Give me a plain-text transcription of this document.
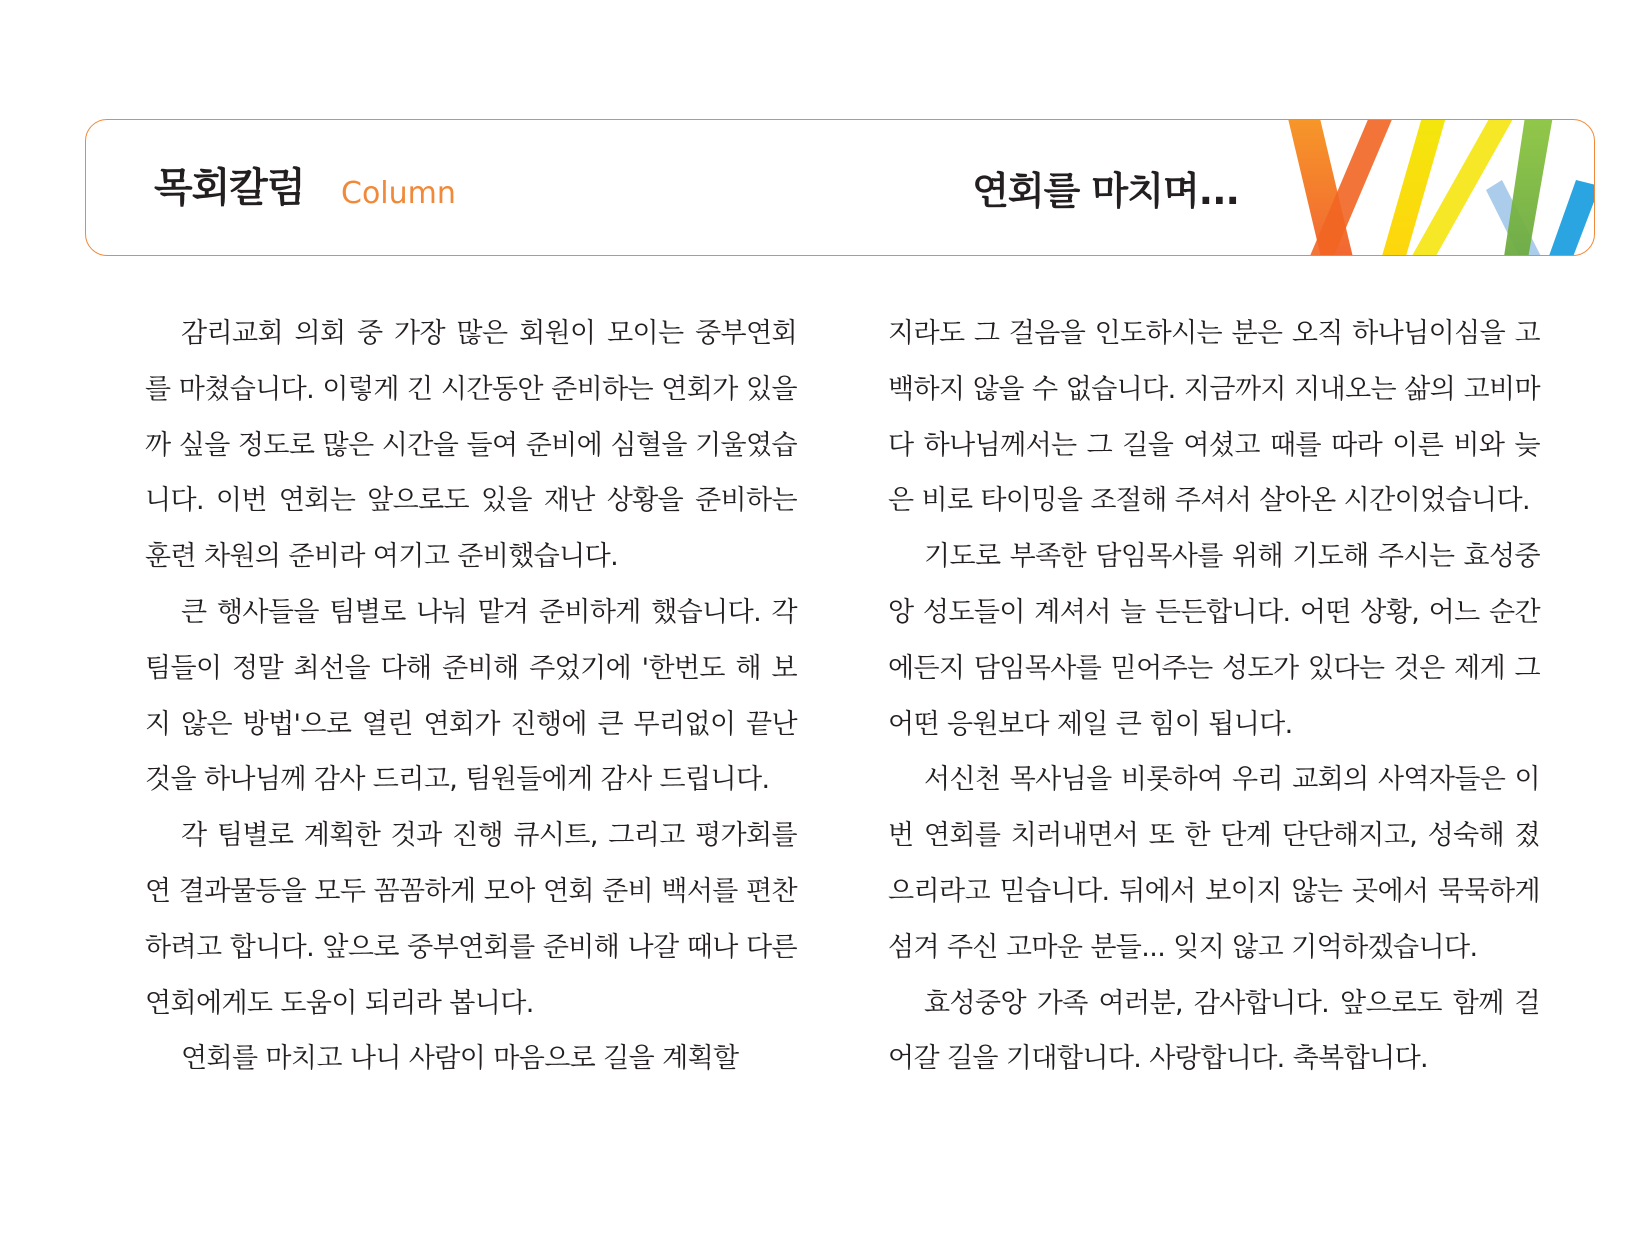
목회칼럼 Column	연회를 마치며...

감리교회 의회 중 가장 많은 회원이 모이는 중부연회를 마쳤습니다. 이렇게 긴 시간동안 준비하는 연회가 있을까 싶을 정도로 많은 시간을 들여 준비에 심혈을 기울였습니다. 이번 연회는 앞으로도 있을 재난 상황을 준비하는 훈련 차원의 준비라 여기고 준비했습니다.

큰 행사들을 팀별로 나눠 맡겨 준비하게 했습니다. 각 팀들이 정말 최선을 다해 준비해 주었기에 '한번도 해 보지 않은 방법'으로 열린 연회가 진행에 큰 무리없이 끝난 것을 하나님께 감사 드리고, 팀원들에게 감사 드립니다.

각 팀별로 계획한 것과 진행 큐시트, 그리고 평가회를 연 결과물등을 모두 꼼꼼하게 모아 연회 준비 백서를 편찬하려고 합니다. 앞으로 중부연회를 준비해 나갈 때나 다른 연회에게도 도움이 되리라 봅니다.

연회를 마치고 나니 사람이 마음으로 길을 계획할

지라도 그 걸음을 인도하시는 분은 오직 하나님이심을 고백하지 않을 수 없습니다. 지금까지 지내오는 삶의 고비마다 하나님께서는 그 길을 여셨고 때를 따라 이른 비와 늦은 비로 타이밍을 조절해 주셔서 살아온 시간이었습니다.

기도로 부족한 담임목사를 위해 기도해 주시는 효성중앙 성도들이 계셔서 늘 든든합니다. 어떤 상황, 어느 순간에든지 담임목사를 믿어주는 성도가 있다는 것은 제게 그 어떤 응원보다 제일 큰 힘이 됩니다.

서신천 목사님을 비롯하여 우리 교회의 사역자들은 이번 연회를 치러내면서 또 한 단계 단단해지고, 성숙해 졌으리라고 믿습니다. 뒤에서 보이지 않는 곳에서 묵묵하게 섬겨 주신 고마운 분들... 잊지 않고 기억하겠습니다.

효성중앙 가족 여러분, 감사합니다. 앞으로도 함께 걸어갈 길을 기대합니다. 사랑합니다. 축복합니다.
